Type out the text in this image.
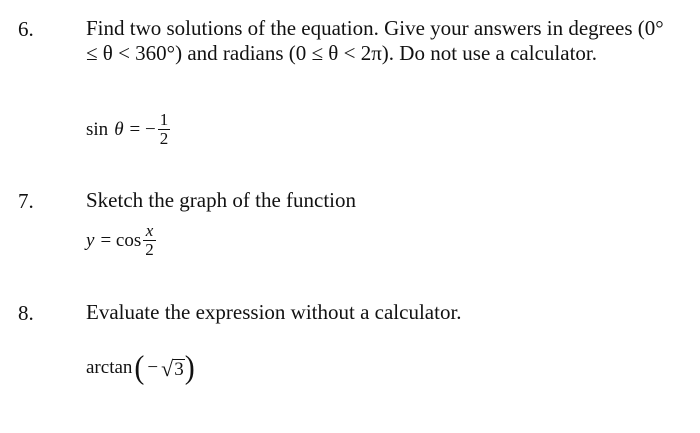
6. Find two solutions of the equation. Give your answers in degrees (0° ≤ θ < 360°) and radians (0 ≤ θ < 2π). Do not use a calculator.
sin θ = − $\frac{1}{2}$
7. Sketch the graph of the function
$y = \cos \frac{x}{2}$
8. Evaluate the expression without a calculator.
arctan ( − √ 3 )
